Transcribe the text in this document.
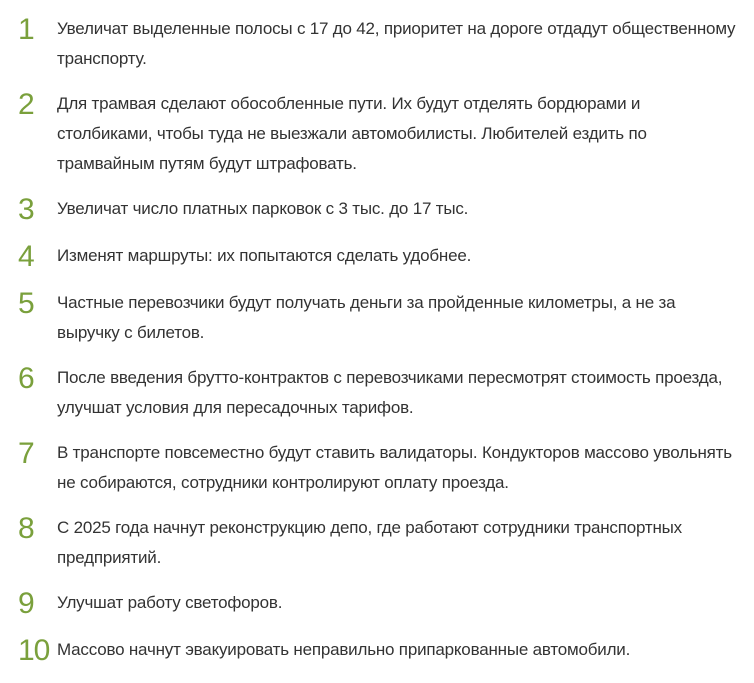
1	Увеличат выделенные полосы с 17 до 42, приоритет на дороге отдадут общественному транспорту.

2	Для трамвая сделают обособленные пути. Их будут отделять бордюрами и столбиками, чтобы туда не выезжали автомобилисты. Любителей ездить по трамвайным путям будут штрафовать.

3	Увеличат число платных парковок с 3 тыс. до 17 тыс.

4	Изменят маршруты: их попытаются сделать удобнее.

5	Частные перевозчики будут получать деньги за пройденные километры, а не за выручку с билетов.

6	После введения брутто-контрактов с перевозчиками пересмотрят стоимость проезда, улучшат условия для пересадочных тарифов.

7	В транспорте повсеместно будут ставить валидаторы. Кондукторов массово увольнять не собираются, сотрудники контролируют оплату проезда.

8	С 2025 года начнут реконструкцию депо, где работают сотрудники транспортных предприятий.

9	Улучшат работу светофоров.

10 Массово начнут эвакуировать неправильно припаркованные автомобили.
